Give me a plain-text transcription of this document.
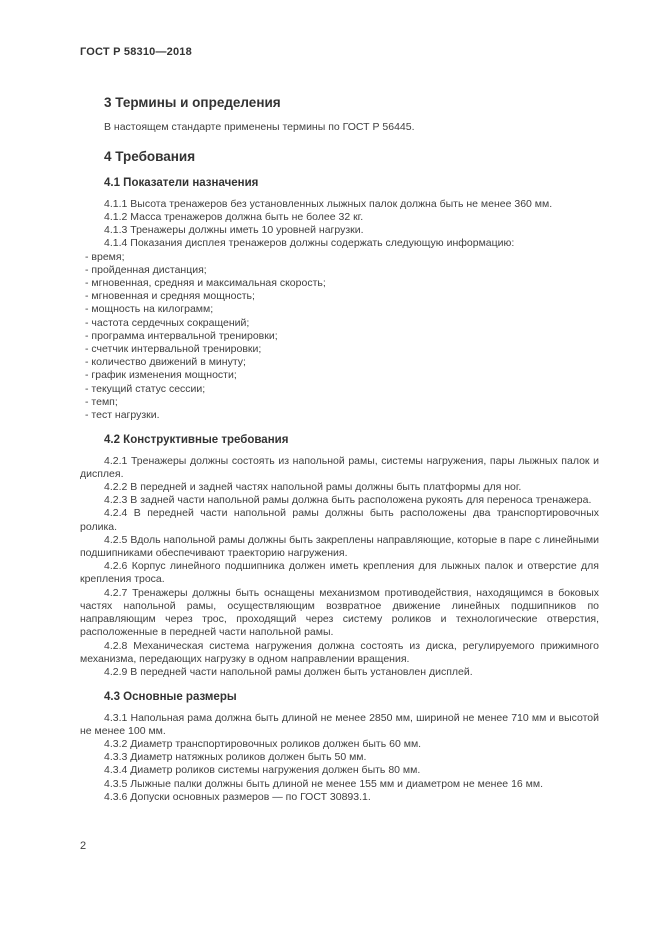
ГОСТ Р 58310—2018
3 Термины и определения

В настоящем стандарте применены термины по ГОСТ Р 56445.

4 Требования
4.1 Показатели назначения

4.1.1 Высота тренажеров без установленных лыжных палок должна быть не менее 360 мм.

4.1.2 Масса тренажеров должна быть не более 32 кг.

4.1.3 Тренажеры должны иметь 10 уровней нагрузки.

4.1.4 Показания дисплея тренажеров должны содержать следующую информацию:

- время;
- пройденная дистанция;
- мгновенная, средняя и максимальная скорость;
- мгновенная и средняя мощность;
- мощность на килограмм;
- частота сердечных сокращений;
- программа интервальной тренировки;
- счетчик интервальной тренировки;
- количество движений в минуту;
- график изменения мощности;
- текущий статус сессии;
- темп;
- тест нагрузки.
4.2 Конструктивные требования

4.2.1 Тренажеры должны состоять из напольной рамы, системы нагружения, пары лыжных палок и дисплея.

4.2.2 В передней и задней частях напольной рамы должны быть платформы для ног.

4.2.3 В задней части напольной рамы должна быть расположена рукоять для переноса тренажера.

4.2.4 В передней части напольной рамы должны быть расположены два транспортировочных ролика.

4.2.5 Вдоль напольной рамы должны быть закреплены направляющие, которые в паре с линейными подшипниками обеспечивают траекторию нагружения.

4.2.6 Корпус линейного подшипника должен иметь крепления для лыжных палок и отверстие для крепления троса.

4.2.7 Тренажеры должны быть оснащены механизмом противодействия, находящимся в боковых частях напольной рамы, осуществляющим возвратное движение линейных подшипников по направляющим через трос, проходящий через систему роликов и технологические отверстия, расположенные в передней части напольной рамы.

4.2.8 Механическая система нагружения должна состоять из диска, регулируемого прижимного механизма, передающих нагрузку в одном направлении вращения.

4.2.9 В передней части напольной рамы должен быть установлен дисплей.

4.3 Основные размеры

4.3.1 Напольная рама должна быть длиной не менее 2850 мм, шириной не менее 710 мм и высотой не менее 100 мм.

4.3.2 Диаметр транспортировочных роликов должен быть 60 мм.

4.3.3 Диаметр натяжных роликов должен быть 50 мм.

4.3.4 Диаметр роликов системы нагружения должен быть 80 мм.

4.3.5 Лыжные палки должны быть длиной не менее 155 мм и диаметром не менее 16 мм.

4.3.6 Допуски основных размеров — по ГОСТ 30893.1.

2
